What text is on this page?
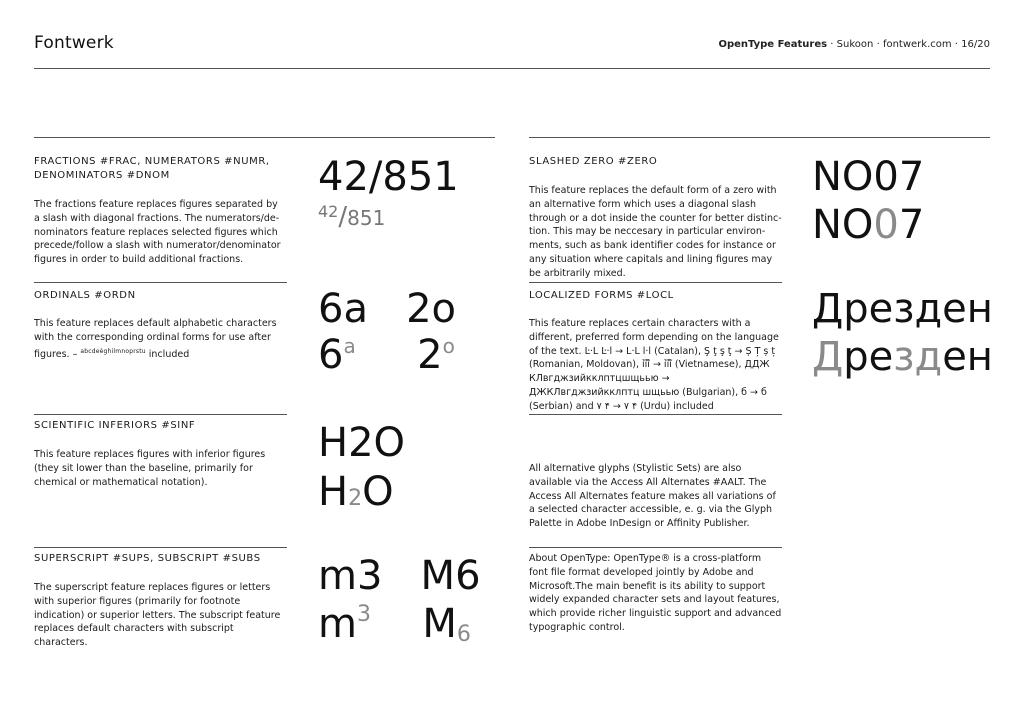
Fontwerk	OpenType Features · Sukoon · fontwerk.com · 16/20
FRACTIONS #FRAC, NUMERATORS #NUMR, DENOMINATORS #DNOM
The fractions feature replaces figures separated by a slash with diagonal fractions. The numerators/de-nominators feature replaces selected figures which precede/follow a slash with numerator/denominator figures in order to build additional fractions.
42/851
$^{42}$/851
ORDINALS #ORDN
This feature replaces default alphabetic characters with the corresponding ordinal forms for use after figures. – $^{abcdeèghilmnoprstu}$ included
6a   2o
6$^a$ 2$^o$
SCIENTIFIC INFERIORS #SINF
This feature replaces figures with inferior figures (they sit lower than the baseline, primarily for chemical or mathematical notation).
H2O
H2O
SUPERSCRIPT #SUPS, SUBSCRIPT #SUBS
The superscript feature replaces figures or letters with superior figures (primarily for footnote indication) or superior letters. The subscript feature replaces default characters with subscript characters.
m3   M6
$m^3$ M6
SLASHED ZERO #ZERO
This feature replaces the default form of a zero with an alternative form which uses a diagonal slash through or a dot inside the counter for better distinc-tion. This may be neccesary in particular environ-ments, such as bank identifier codes for instance or any situation where capitals and lining figures may be arbitrarily mixed.
NO07
NO07
LOCALIZED FORMS #LOCL
This feature replaces certain characters with a different, preferred form depending on the language of the text. Ŀ·L Ŀ·l → L·L l·l (Catalan), Ş ţ ş ţ → Ș Ț ș ț (Romanian, Moldovan), ỉĩĩ̃ → ỉĩĩ̃ (Vietnamese), ДДЖ КЛвгджзийкклптцшщьью → ДЖКЛвгджзийкклптц шщьью (Bulgarian), б → б (Serbian) and ٧ ۴ → ۷ ۴ (Urdu) included
Дрезден
Дрезден
All alternative glyphs (Stylistic Sets) are also available via the Access All Alternates #AALT. The Access All Alternates feature makes all variations of a selected character accessible, e. g. via the Glyph Palette in Adobe InDesign or Affinity Publisher.
About OpenType: OpenType® is a cross-platform font file format developed jointly by Adobe and Microsoft.The main benefit is its ability to support widely expanded character sets and layout features, which provide richer linguistic support and advanced typographic control.
